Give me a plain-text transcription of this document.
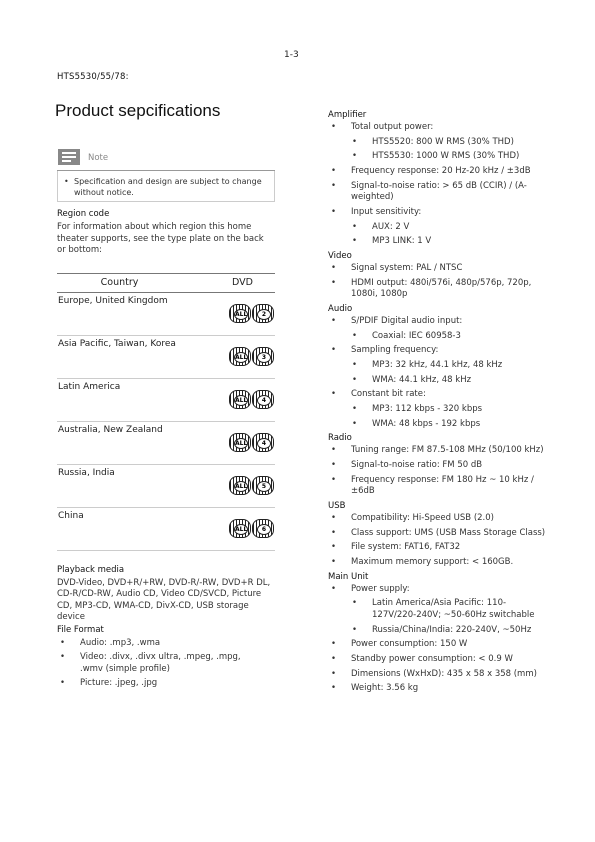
1-3
HTS5530/55/78:
Product sepcifications
Note
• Specification and design are subject to change without notice.
Region code
For information about which region this home theater supports, see the type plate on the back or bottom:
Country	DVD
Europe, United Kingdom	ALL 2

Asia Pacific, Taiwan, Korea	ALL 3

Latin America	ALL 4

Australia, New Zealand	ALL 4

Russia, India	ALL 5

China	ALL 6
Playback media
DVD-Video, DVD+R/+RW, DVD-R/-RW, DVD+R DL, CD-R/CD-RW, Audio CD, Video CD/SVCD, Picture CD, MP3-CD, WMA-CD, DivX-CD, USB storage device
File Format
• Audio: .mp3, .wma
• Video: .divx, .divx ultra, .mpeg, .mpg, .wmv (simple profile)
• Picture: .jpeg, .jpg
Amplifier
• Total output power:
• HTS5520: 800 W RMS (30% THD)
• HTS5530: 1000 W RMS (30% THD)
• Frequency response: 20 Hz-20 kHz / ±3dB
• Signal-to-noise ratio: > 65 dB (CCIR) / (A-weighted)
• Input sensitivity:
• AUX: 2 V
• MP3 LINK: 1 V
Video
• Signal system: PAL / NTSC
• HDMI output: 480i/576i, 480p/576p, 720p, 1080i, 1080p
Audio
• S/PDIF Digital audio input:
• Coaxial: IEC 60958-3
• Sampling frequency:
• MP3: 32 kHz, 44.1 kHz, 48 kHz
• WMA: 44.1 kHz, 48 kHz
• Constant bit rate:
• MP3: 112 kbps - 320 kbps
• WMA: 48 kbps - 192 kbps
Radio
• Tuning range: FM 87.5-108 MHz (50/100 kHz)
• Signal-to-noise ratio: FM 50 dB
• Frequency response: FM 180 Hz ~ 10 kHz / ±6dB
USB
• Compatibility: Hi-Speed USB (2.0)
• Class support: UMS (USB Mass Storage Class)
• File system: FAT16, FAT32
• Maximum memory support: < 160GB.
Main Unit
• Power supply:
• Latin America/Asia Pacific: 110-127V/220-240V; ~50-60Hz switchable
• Russia/China/India: 220-240V, ~50Hz
• Power consumption: 150 W
• Standby power consumption: < 0.9 W
• Dimensions (WxHxD): 435 x 58 x 358 (mm)
• Weight: 3.56 kg
